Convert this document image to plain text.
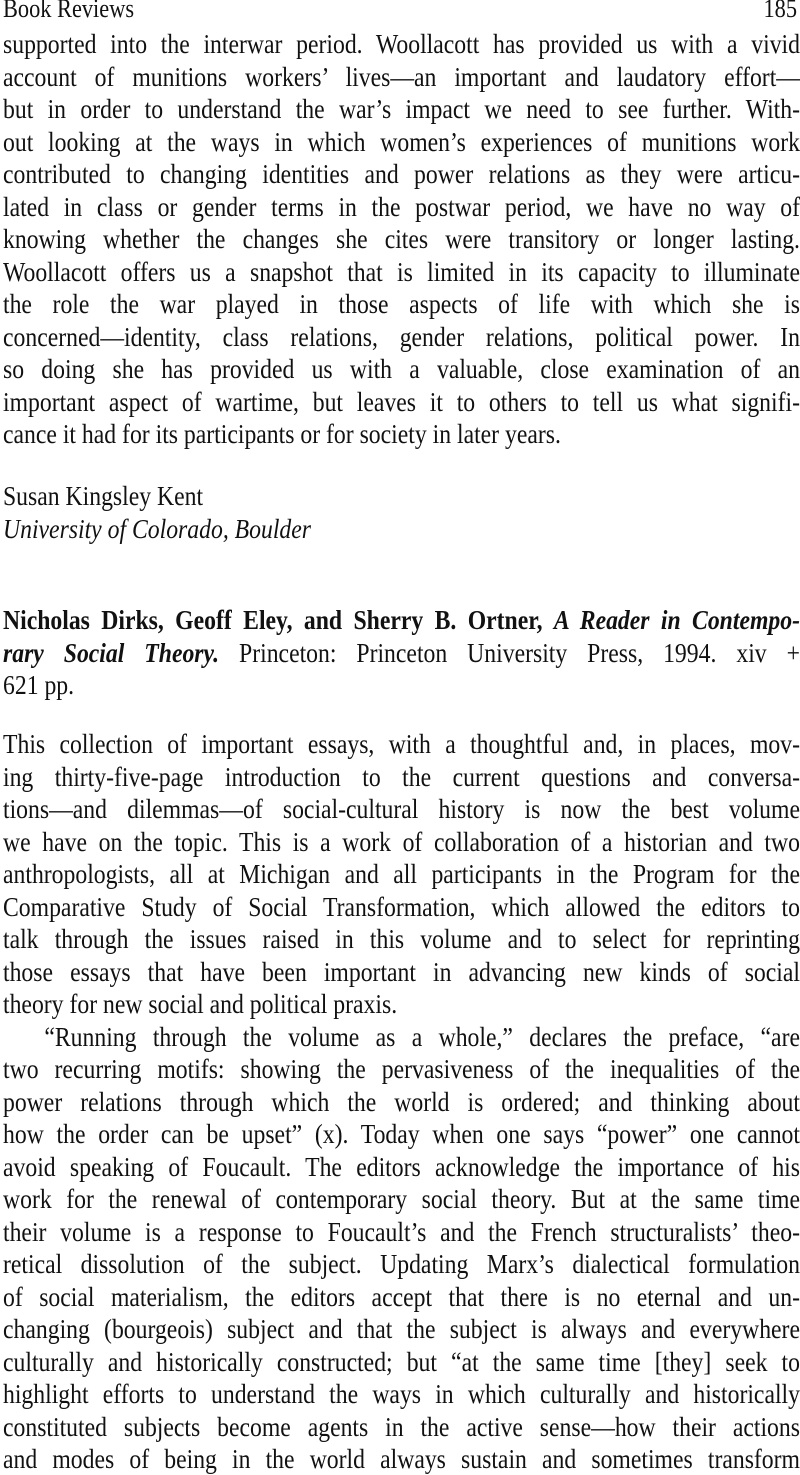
Book Reviews	185
supported into the interwar period. Woollacott has provided us with a vivid
account of munitions workers’ lives—an important and laudatory effort—
but in order to understand the war’s impact we need to see further. With-
out looking at the ways in which women’s experiences of munitions work
contributed to changing identities and power relations as they were articu-
lated in class or gender terms in the postwar period, we have no way of
knowing whether the changes she cites were transitory or longer lasting.
Woollacott offers us a snapshot that is limited in its capacity to illuminate
the role the war played in those aspects of life with which she is
concerned—identity, class relations, gender relations, political power. In
so doing she has provided us with a valuable, close examination of an
important aspect of wartime, but leaves it to others to tell us what signifi-
cance it had for its participants or for society in later years.
Susan Kingsley Kent
University of Colorado, Boulder
Nicholas Dirks, Geoff Eley, and Sherry B. Ortner, A Reader in Contempo-
rary Social Theory. Princeton: Princeton University Press, 1994. xiv +
621 pp.
This collection of important essays, with a thoughtful and, in places, mov-
ing thirty-five-page introduction to the current questions and conversa-
tions—and dilemmas—of social-cultural history is now the best volume
we have on the topic. This is a work of collaboration of a historian and two
anthropologists, all at Michigan and all participants in the Program for the
Comparative Study of Social Transformation, which allowed the editors to
talk through the issues raised in this volume and to select for reprinting
those essays that have been important in advancing new kinds of social
theory for new social and political praxis.
“Running through the volume as a whole,” declares the preface, “are
two recurring motifs: showing the pervasiveness of the inequalities of the
power relations through which the world is ordered; and thinking about
how the order can be upset” (x). Today when one says “power” one cannot
avoid speaking of Foucault. The editors acknowledge the importance of his
work for the renewal of contemporary social theory. But at the same time
their volume is a response to Foucault’s and the French structuralists’ theo-
retical dissolution of the subject. Updating Marx’s dialectical formulation
of social materialism, the editors accept that there is no eternal and un-
changing (bourgeois) subject and that the subject is always and everywhere
culturally and historically constructed; but “at the same time [they] seek to
highlight efforts to understand the ways in which culturally and historically
constituted subjects become agents in the active sense—how their actions
and modes of being in the world always sustain and sometimes transform
